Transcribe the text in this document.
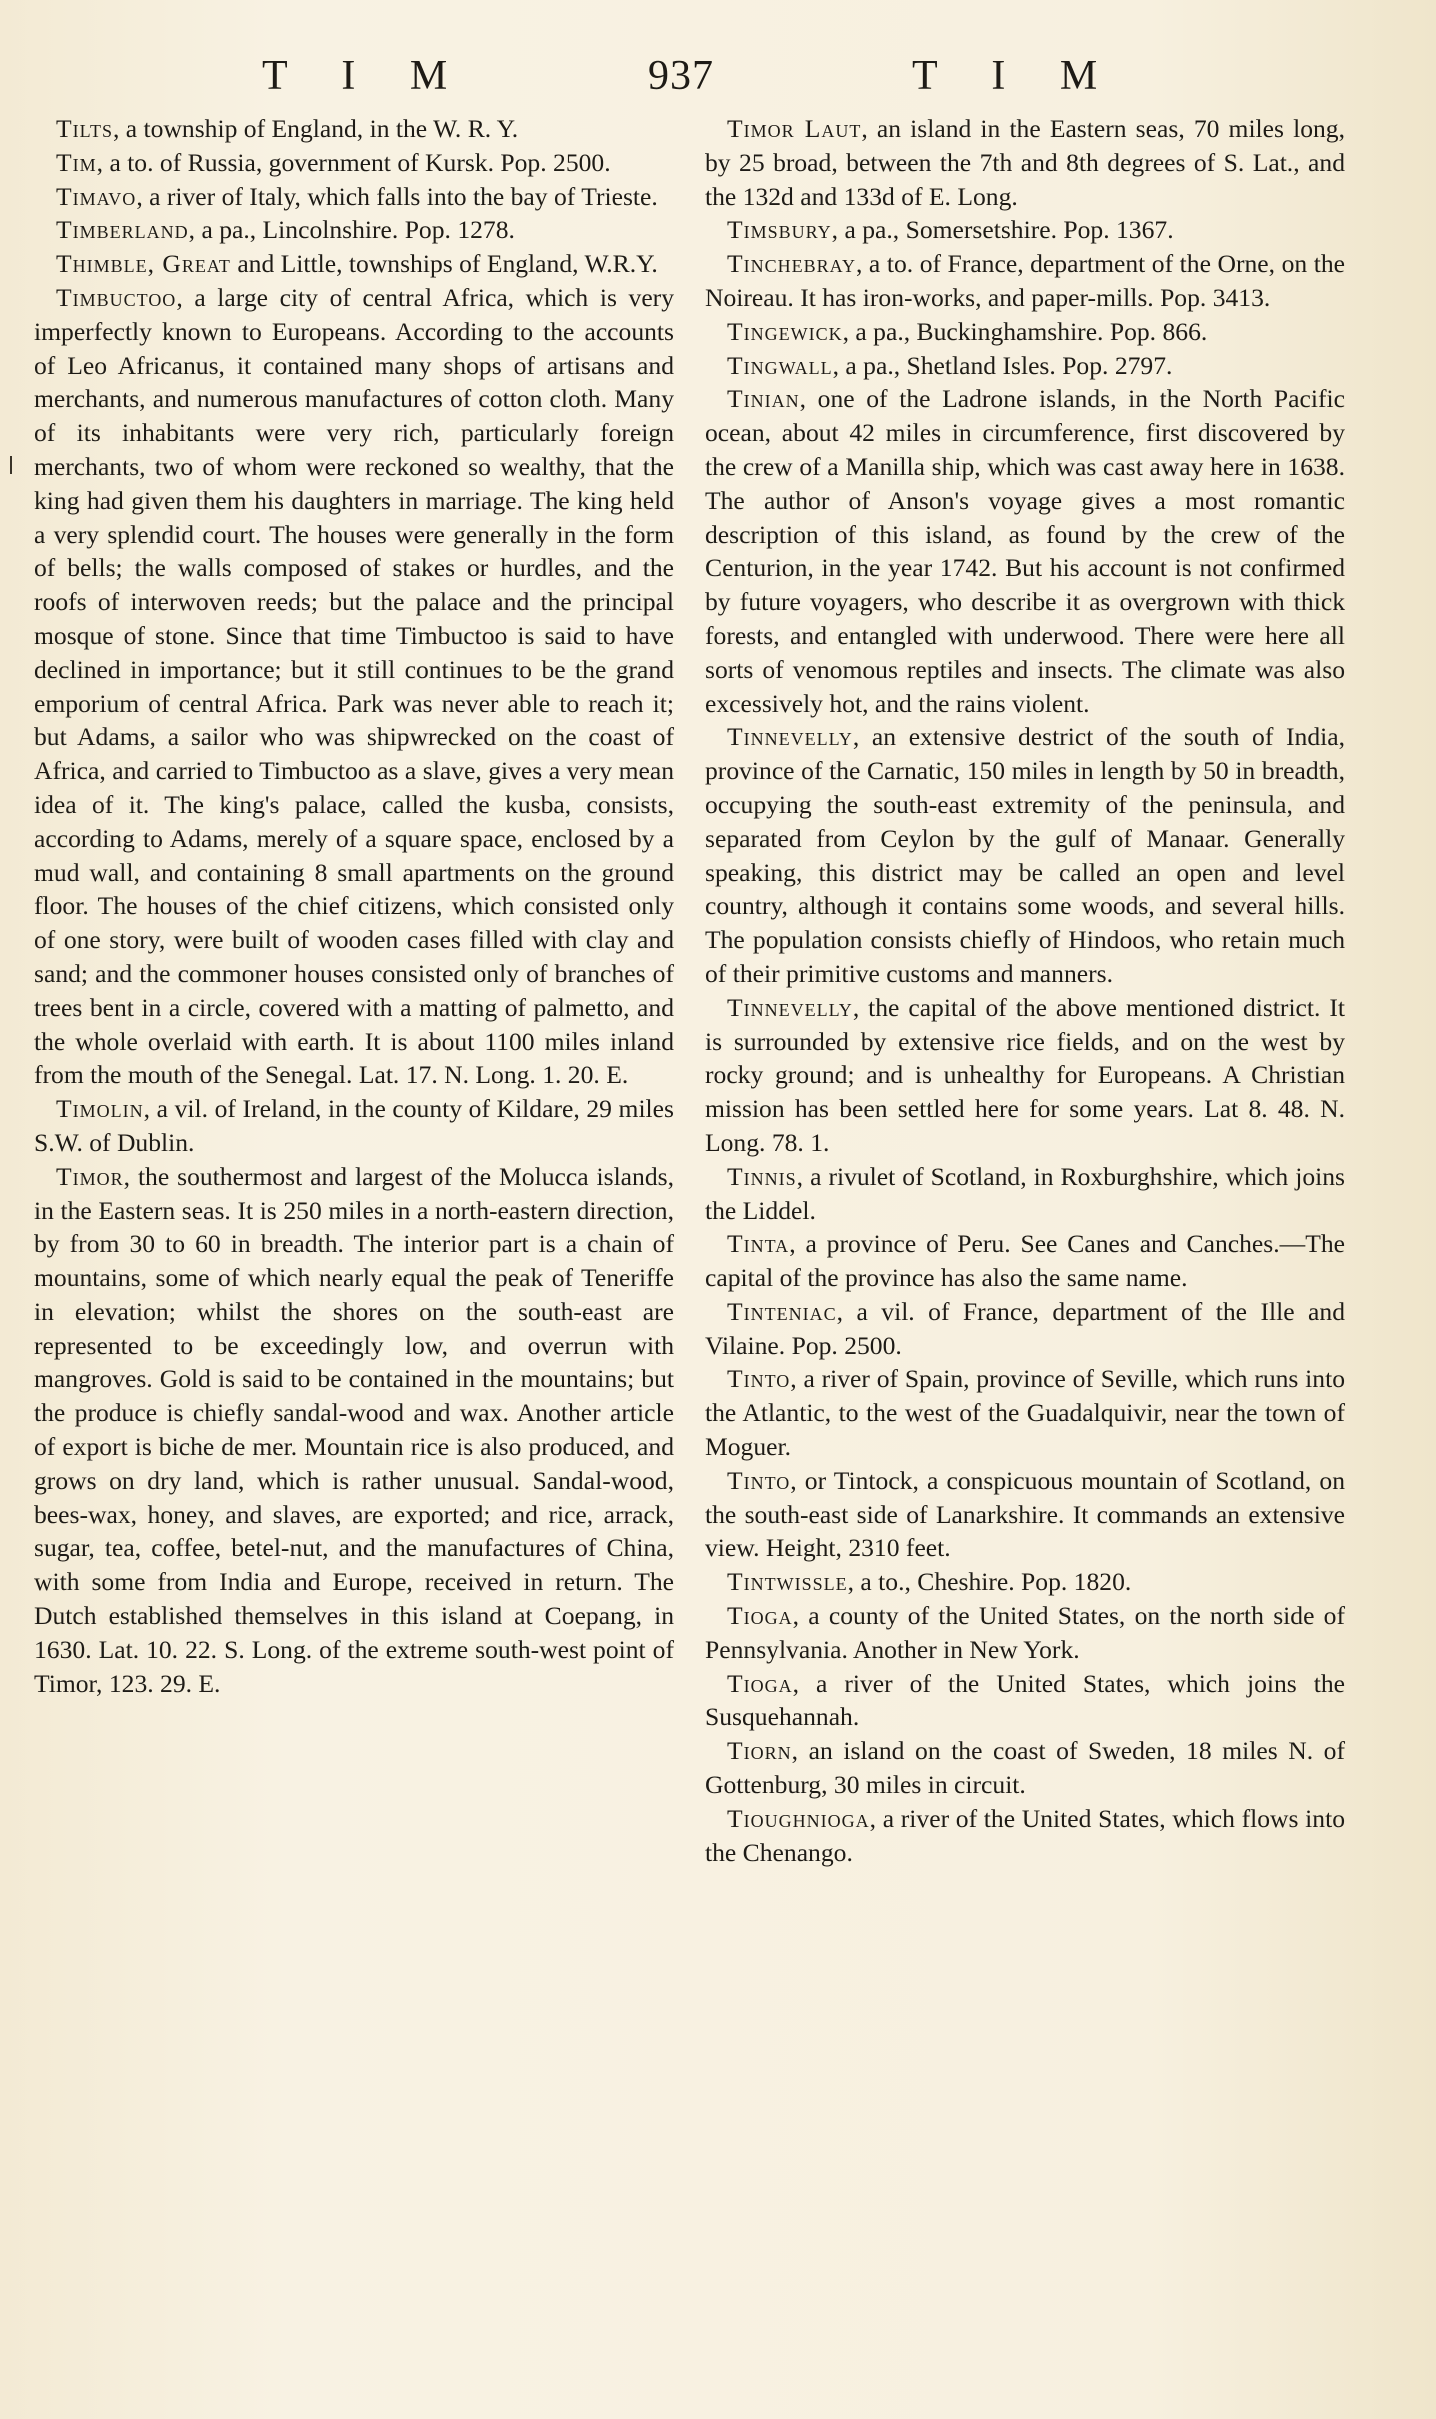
T I M	937	T I M

Tilts, a township of England, in the W. R. Y.

Tim, a to. of Russia, government of Kursk. Pop. 2500.

Timavo, a river of Italy, which falls into the bay of Trieste.

Timberland, a pa., Lincolnshire. Pop. 1278.

Thimble, Great and Little, townships of England, W.R.Y.

Timbuctoo, a large city of central Africa, which is very imperfectly known to Europeans. According to the accounts of Leo Africanus, it contained many shops of artisans and merchants, and numerous manufactures of cotton cloth. Many of its inhabitants were very rich, particularly foreign merchants, two of whom were reckoned so wealthy, that the king had given them his daughters in marriage. The king held a very splendid court. The houses were generally in the form of bells; the walls composed of stakes or hurdles, and the roofs of interwoven reeds; but the palace and the principal mosque of stone. Since that time Timbuctoo is said to have declined in importance; but it still continues to be the grand emporium of central Africa. Park was never able to reach it; but Adams, a sailor who was shipwrecked on the coast of Africa, and carried to Timbuctoo as a slave, gives a very mean idea of it. The king's palace, called the kusba, consists, according to Adams, merely of a square space, enclosed by a mud wall, and containing 8 small apartments on the ground floor. The houses of the chief citizens, which consisted only of one story, were built of wooden cases filled with clay and sand; and the commoner houses consisted only of branches of trees bent in a circle, covered with a matting of palmetto, and the whole overlaid with earth. It is about 1100 miles inland from the mouth of the Senegal. Lat. 17. N. Long. 1. 20. E.

Timolin, a vil. of Ireland, in the county of Kildare, 29 miles S.W. of Dublin.

Timor, the southermost and largest of the Molucca islands, in the Eastern seas. It is 250 miles in a north-eastern direction, by from 30 to 60 in breadth. The interior part is a chain of mountains, some of which nearly equal the peak of Teneriffe in elevation; whilst the shores on the south-east are represented to be exceedingly low, and overrun with mangroves. Gold is said to be contained in the mountains; but the produce is chiefly sandal-wood and wax. Another article of export is biche de mer. Mountain rice is also produced, and grows on dry land, which is rather unusual. Sandal-wood, bees-wax, honey, and slaves, are exported; and rice, arrack, sugar, tea, coffee, betel-nut, and the manufactures of China, with some from India and Europe, received in return. The Dutch established themselves in this island at Coepang, in 1630. Lat. 10. 22. S. Long. of the extreme south-west point of Timor, 123. 29. E.

Timor Laut, an island in the Eastern seas, 70 miles long, by 25 broad, between the 7th and 8th degrees of S. Lat., and the 132d and 133d of E. Long.

Timsbury, a pa., Somersetshire. Pop. 1367.

Tinchebray, a to. of France, department of the Orne, on the Noireau. It has iron-works, and paper-mills. Pop. 3413.

Tingewick, a pa., Buckinghamshire. Pop. 866.

Tingwall, a pa., Shetland Isles. Pop. 2797.

Tinian, one of the Ladrone islands, in the North Pacific ocean, about 42 miles in circumference, first discovered by the crew of a Manilla ship, which was cast away here in 1638. The author of Anson's voyage gives a most romantic description of this island, as found by the crew of the Centurion, in the year 1742. But his account is not confirmed by future voyagers, who describe it as overgrown with thick forests, and entangled with underwood. There were here all sorts of venomous reptiles and insects. The climate was also excessively hot, and the rains violent.

Tinnevelly, an extensive destrict of the south of India, province of the Carnatic, 150 miles in length by 50 in breadth, occupying the south-east extremity of the peninsula, and separated from Ceylon by the gulf of Manaar. Generally speaking, this district may be called an open and level country, although it contains some woods, and several hills. The population consists chiefly of Hindoos, who retain much of their primitive customs and manners.

Tinnevelly, the capital of the above mentioned district. It is surrounded by extensive rice fields, and on the west by rocky ground; and is unhealthy for Europeans. A Christian mission has been settled here for some years. Lat 8. 48. N. Long. 78. 1.

Tinnis, a rivulet of Scotland, in Roxburghshire, which joins the Liddel.

Tinta, a province of Peru. See Canes and Canches.—The capital of the province has also the same name.

Tinteniac, a vil. of France, department of the Ille and Vilaine. Pop. 2500.

Tinto, a river of Spain, province of Seville, which runs into the Atlantic, to the west of the Guadalquivir, near the town of Moguer.

Tinto, or Tintock, a conspicuous mountain of Scotland, on the south-east side of Lanarkshire. It commands an extensive view. Height, 2310 feet.

Tintwissle, a to., Cheshire. Pop. 1820.

Tioga, a county of the United States, on the north side of Pennsylvania. Another in New York.

Tioga, a river of the United States, which joins the Susquehannah.

Tiorn, an island on the coast of Sweden, 18 miles N. of Gottenburg, 30 miles in circuit.

Tioughnioga, a river of the United States, which flows into the Chenango.
